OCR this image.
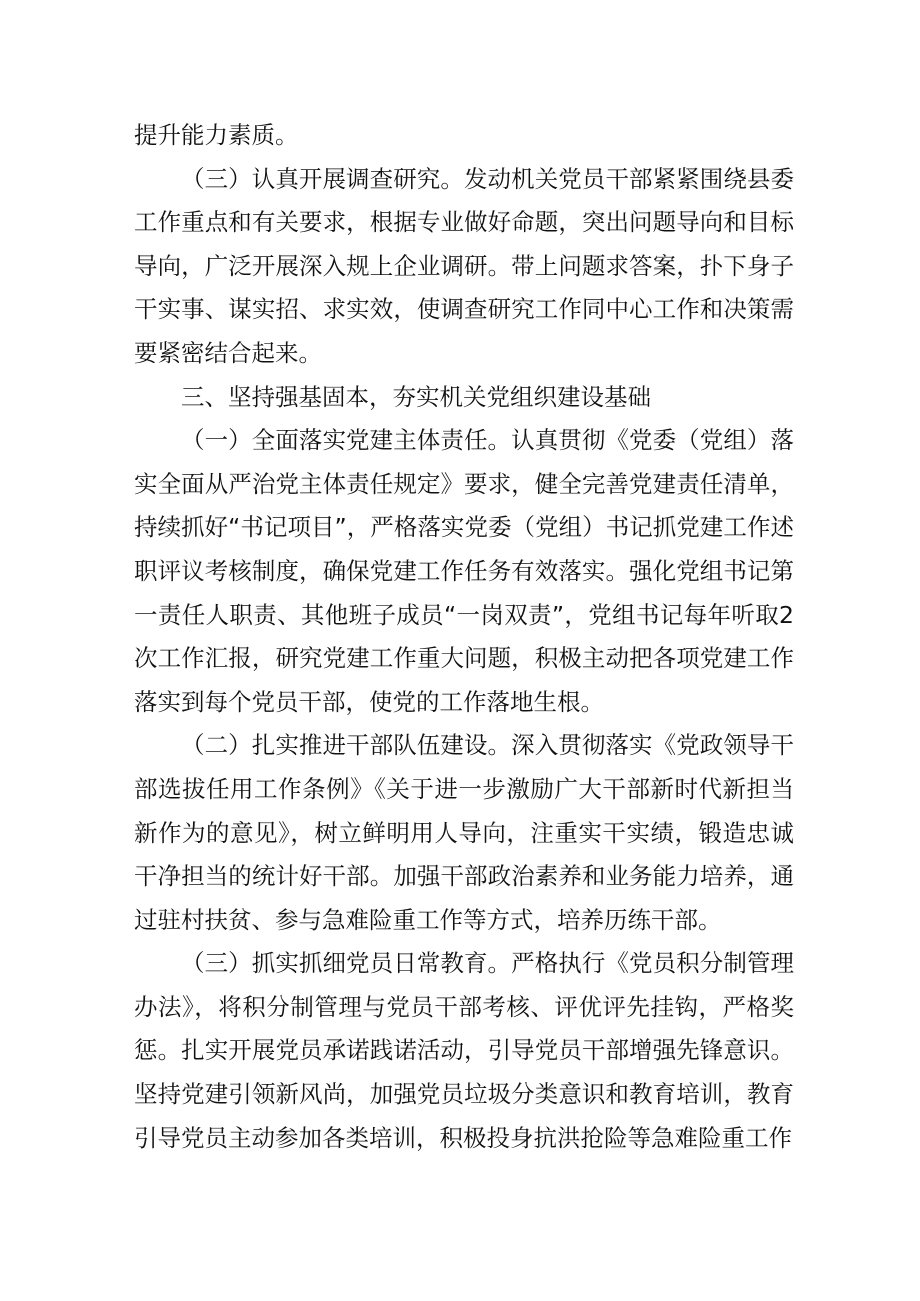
提升能力素质。

（三）认真开展调查研究。发动机关党员干部紧紧围绕县委工作重点和有关要求，根据专业做好命题，突出问题导向和目标导向，广泛开展深入规上企业调研。带上问题求答案，扑下身子干实事、谋实招、求实效，使调查研究工作同中心工作和决策需要紧密结合起来。

三、坚持强基固本，夯实机关党组织建设基础

（一）全面落实党建主体责任。认真贯彻《党委（党组）落实全面从严治党主体责任规定》要求，健全完善党建责任清单，持续抓好“书记项目”，严格落实党委（党组）书记抓党建工作述职评议考核制度，确保党建工作任务有效落实。强化党组书记第一责任人职责、其他班子成员“一岗双责”，党组书记每年听取2次工作汇报，研究党建工作重大问题，积极主动把各项党建工作落实到每个党员干部，使党的工作落地生根。

（二）扎实推进干部队伍建设。深入贯彻落实《党政领导干部选拔任用工作条例》《关于进一步激励广大干部新时代新担当新作为的意见》，树立鲜明用人导向，注重实干实绩，锻造忠诚干净担当的统计好干部。加强干部政治素养和业务能力培养，通过驻村扶贫、参与急难险重工作等方式，培养历练干部。

（三）抓实抓细党员日常教育。严格执行《党员积分制管理办法》，将积分制管理与党员干部考核、评优评先挂钩，严格奖惩。扎实开展党员承诺践诺活动，引导党员干部增强先锋意识。坚持党建引领新风尚，加强党员垃圾分类意识和教育培训，教育引导党员主动参加各类培训，积极投身抗洪抢险等急难险重工作
